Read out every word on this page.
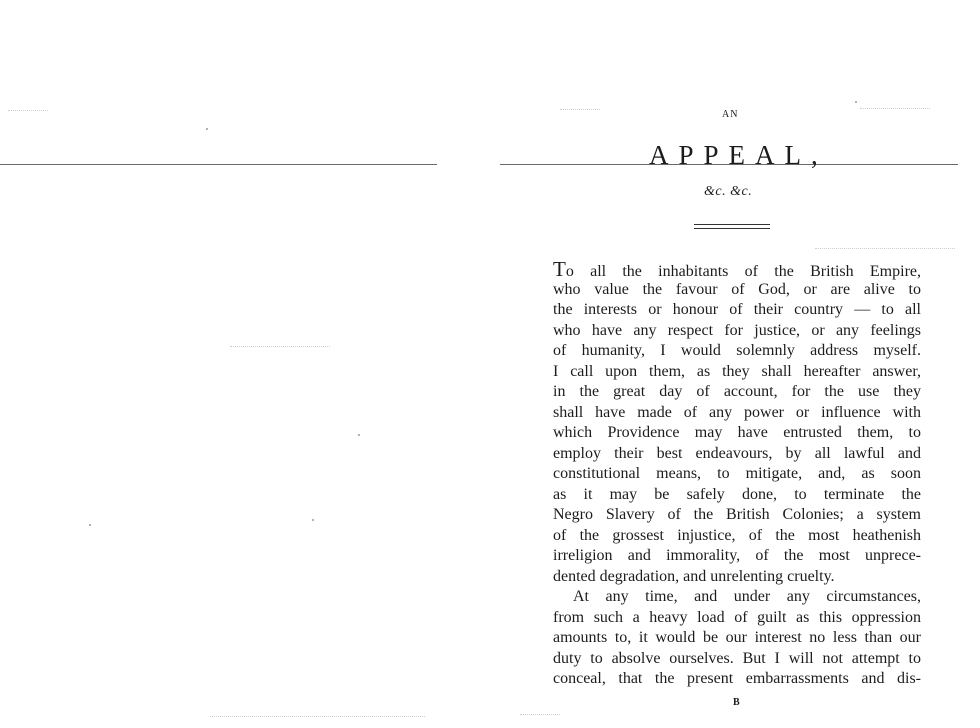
AN
APPEAL,
&c. &c.
To all the inhabitants of the British Empire,
who value the favour of God, or are alive to
the interests or honour of their country — to all
who have any respect for justice, or any feelings
of humanity, I would solemnly address myself.
I call upon them, as they shall hereafter answer,
in the great day of account, for the use they
shall have made of any power or influence with
which Providence may have entrusted them, to
employ their best endeavours, by all lawful and
constitutional means, to mitigate, and, as soon
as it may be safely done, to terminate the
Negro Slavery of the British Colonies; a system
of the grossest injustice, of the most heathenish
irreligion and immorality, of the most unprece-
dented degradation, and unrelenting cruelty.
At any time, and under any circumstances,
from such a heavy load of guilt as this oppression
amounts to, it would be our interest no less than our
duty to absolve ourselves. But I will not attempt to
conceal, that the present embarrassments and dis-
B
